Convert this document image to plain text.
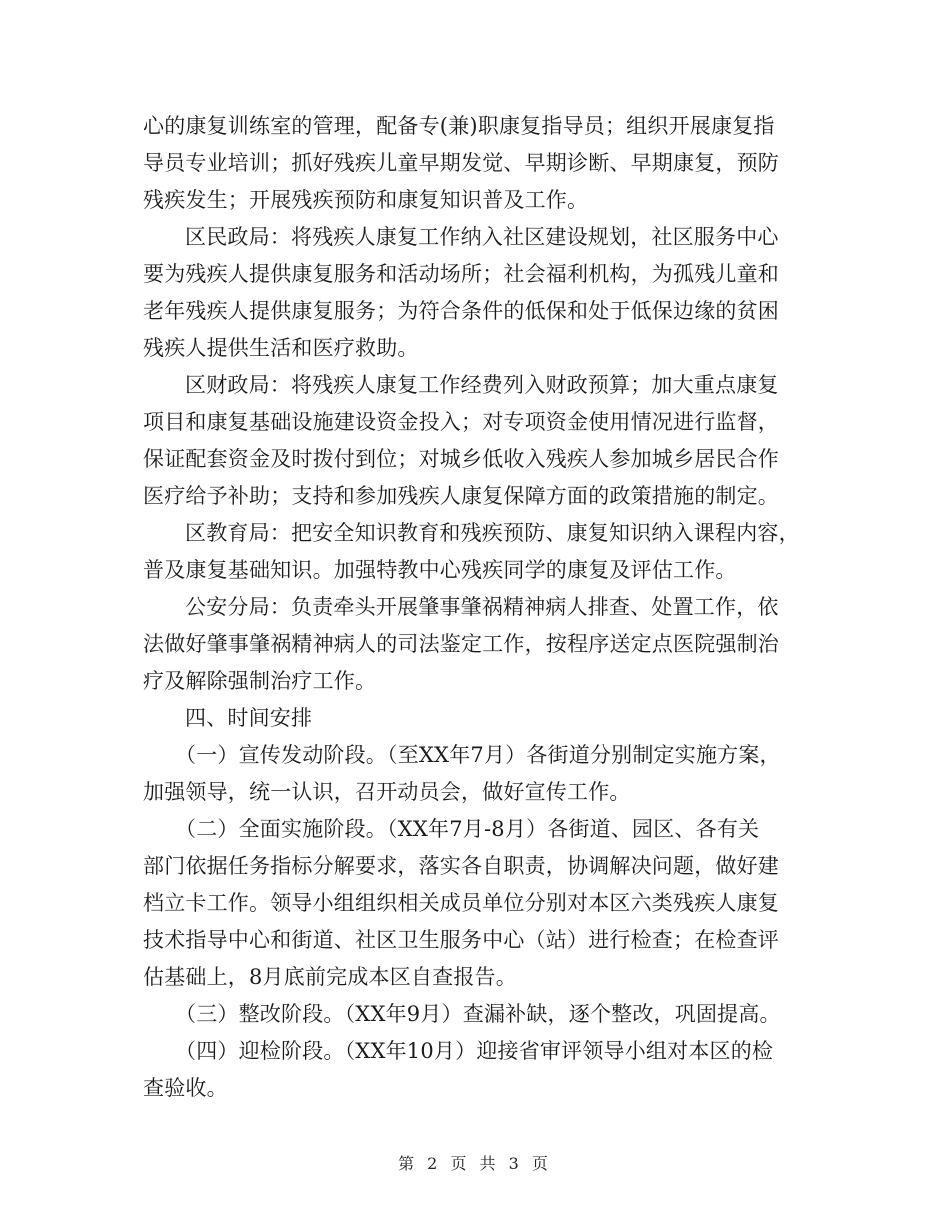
心的康复训练室的管理，配备专(兼)职康复指导员；组织开展康复指
导员专业培训；抓好残疾儿童早期发觉、早期诊断、早期康复，预防
残疾发生；开展残疾预防和康复知识普及工作。
区民政局：将残疾人康复工作纳入社区建设规划，社区服务中心
要为残疾人提供康复服务和活动场所；社会福利机构，为孤残儿童和
老年残疾人提供康复服务；为符合条件的低保和处于低保边缘的贫困
残疾人提供生活和医疗救助。
区财政局：将残疾人康复工作经费列入财政预算；加大重点康复
项目和康复基础设施建设资金投入；对专项资金使用情况进行监督，
保证配套资金及时拨付到位；对城乡低收入残疾人参加城乡居民合作
医疗给予补助；支持和参加残疾人康复保障方面的政策措施的制定。
区教育局：把安全知识教育和残疾预防、康复知识纳入课程内容，
普及康复基础知识。加强特教中心残疾同学的康复及评估工作。
公安分局：负责牵头开展肇事肇祸精神病人排查、处置工作，依
法做好肇事肇祸精神病人的司法鉴定工作，按程序送定点医院强制治
疗及解除强制治疗工作。
四、时间安排
（一）宣传发动阶段。（至XX年7月）各街道分别制定实施方案，
加强领导，统一认识，召开动员会，做好宣传工作。
（二）全面实施阶段。（XX年7月-8月）各街道、园区、各有关
部门依据任务指标分解要求，落实各自职责，协调解决问题，做好建
档立卡工作。领导小组组织相关成员单位分别对本区六类残疾人康复
技术指导中心和街道、社区卫生服务中心（站）进行检查；在检查评
估基础上，8月底前完成本区自查报告。
（三）整改阶段。（XX年9月）查漏补缺，逐个整改，巩固提高。
（四）迎检阶段。（XX年10月）迎接省审评领导小组对本区的检
查验收。
第 2 页 共 3 页
